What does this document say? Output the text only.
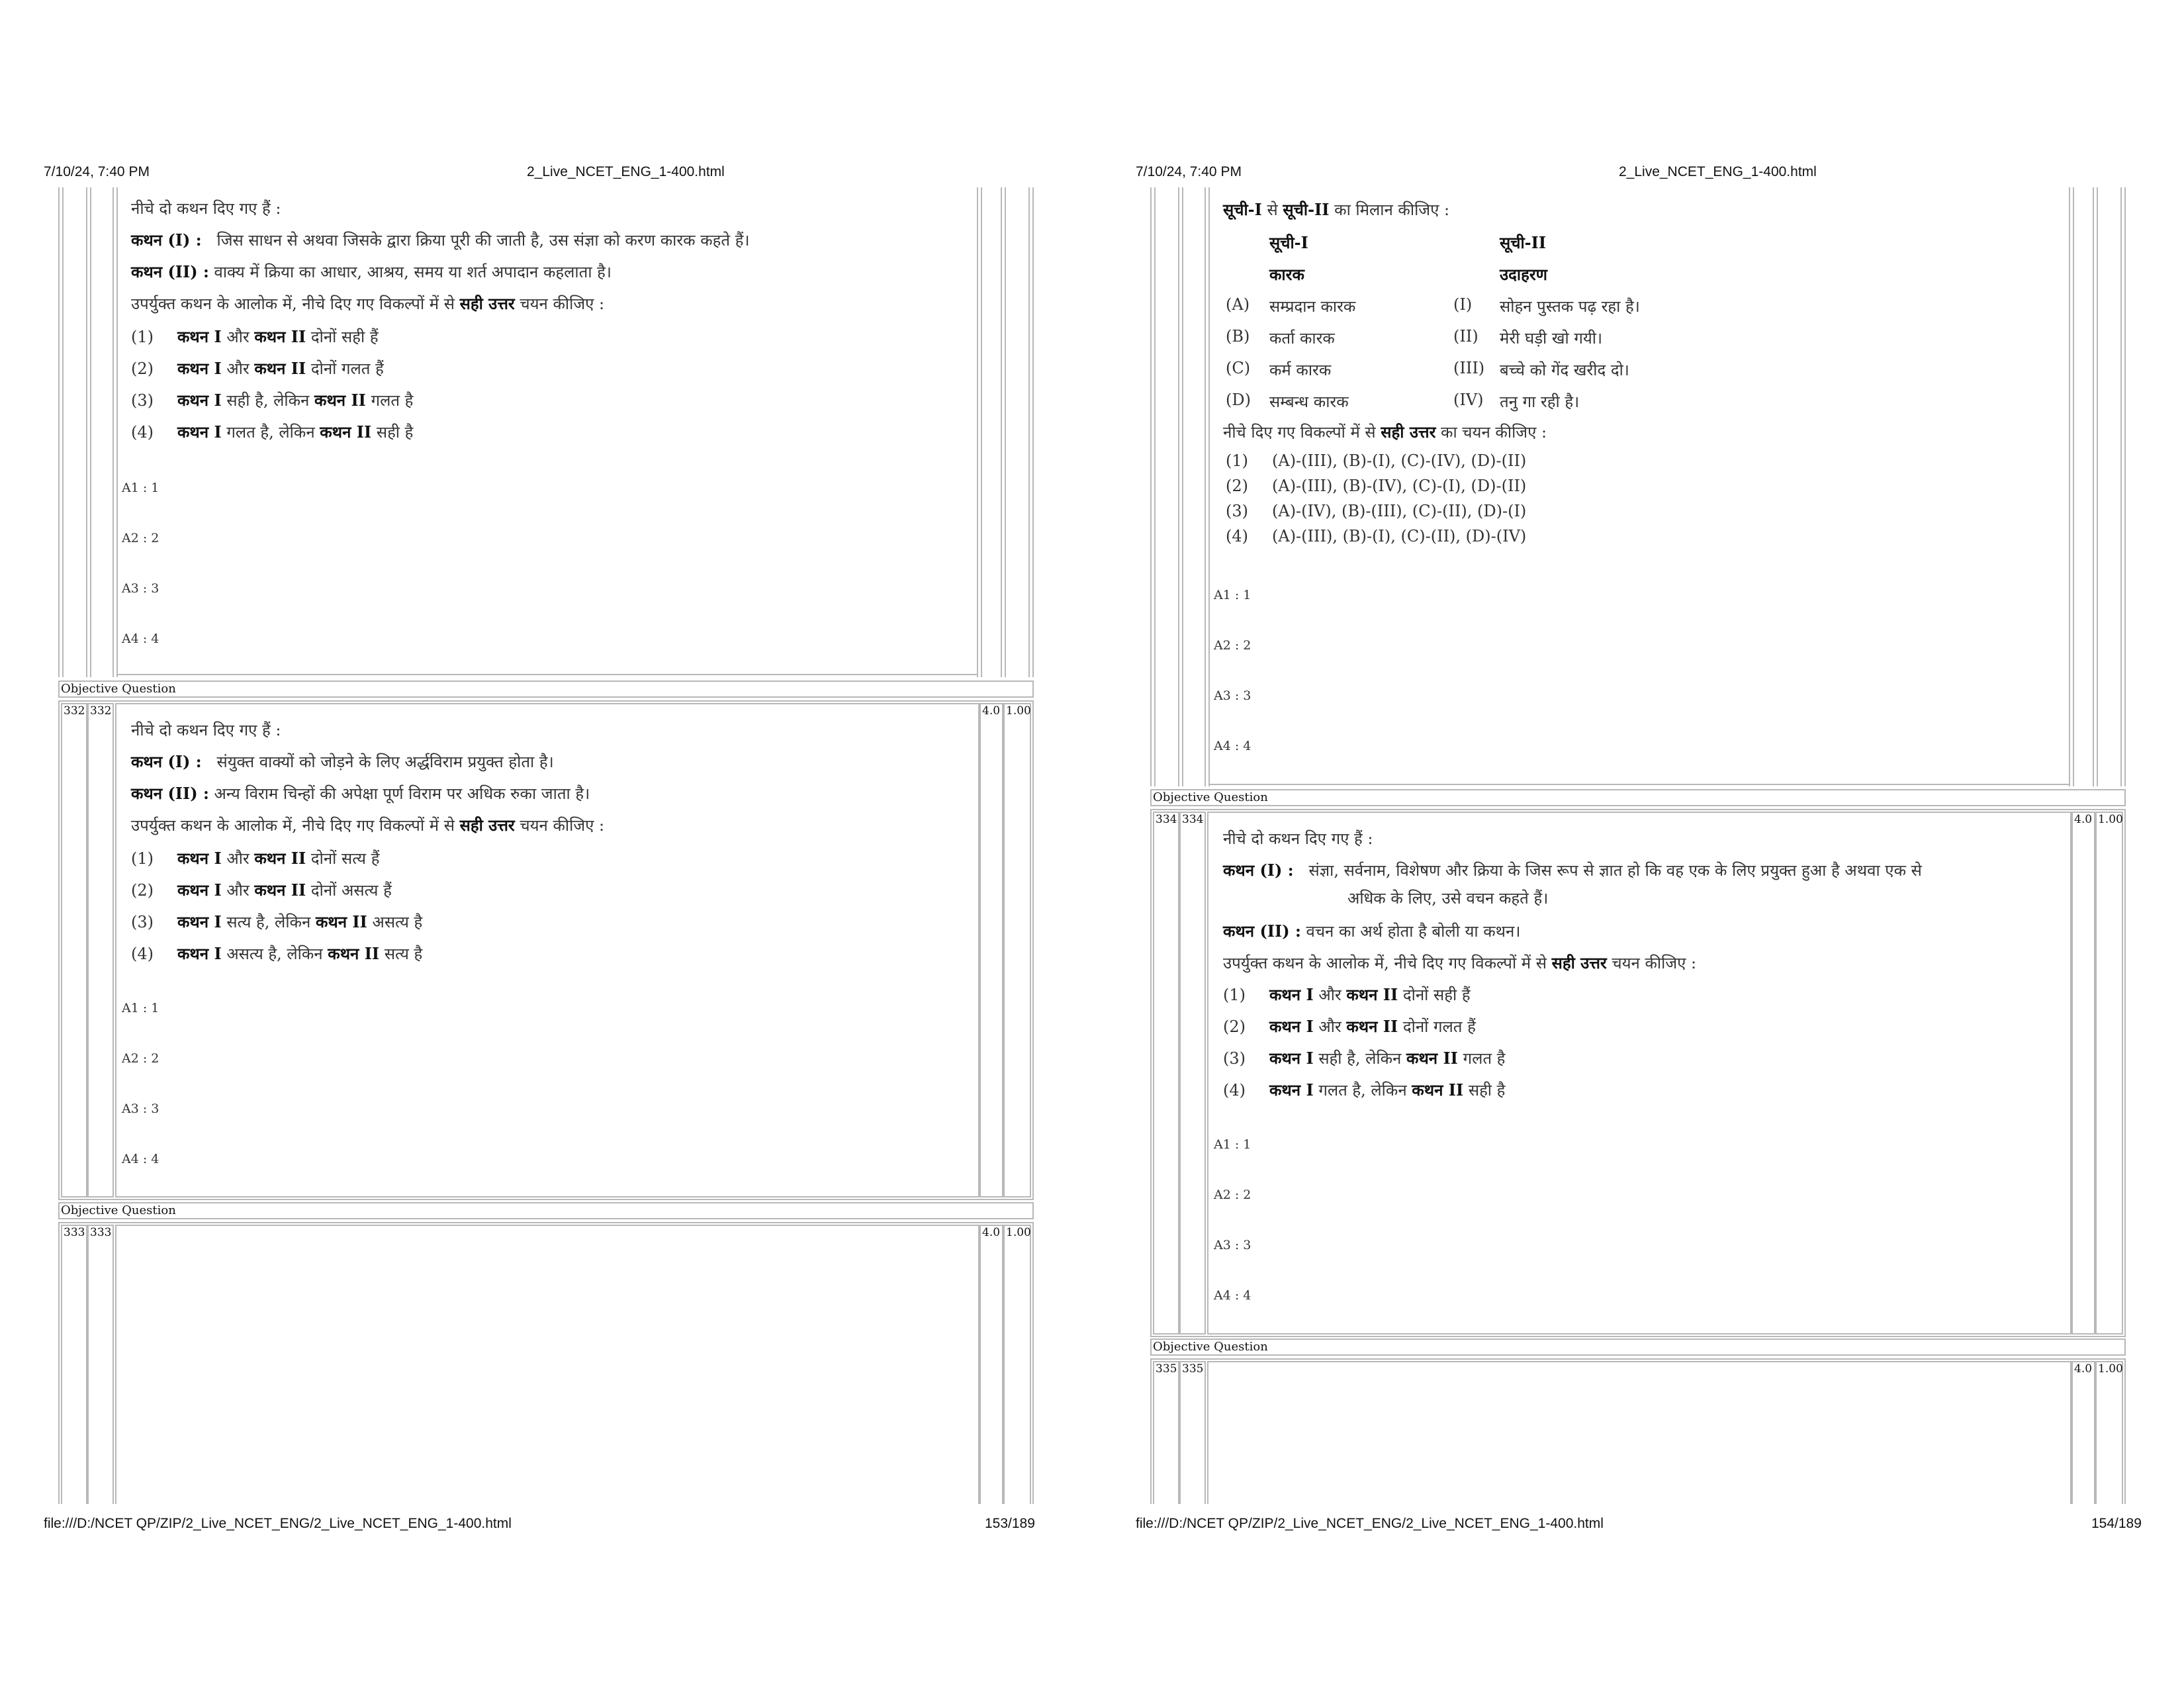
7/10/24, 7:40 PM	2_Live_NCET_ENG_1-400.html
नीचे दो कथन दिए गए हैं :
कथन (I) : जिस साधन से अथवा जिसके द्वारा क्रिया पूरी की जाती है, उस संज्ञा को करण कारक कहते हैं।
कथन (II) : वाक्य में क्रिया का आधार, आश्रय, समय या शर्त अपादान कहलाता है।
उपर्युक्त कथन के आलोक में, नीचे दिए गए विकल्पों में से सही उत्तर चयन कीजिए :
(1) कथन I और कथन II दोनों सही हैं
(2) कथन I और कथन II दोनों गलत हैं
(3) कथन I सही है, लेकिन कथन II गलत है
(4) कथन I गलत है, लेकिन कथन II सही है
A1 : 1
A2 : 2
A3 : 3
A4 : 4
Objective Question
332 332	4.0 1.00
नीचे दो कथन दिए गए हैं :
कथन (I) : संयुक्त वाक्यों को जोड़ने के लिए अर्द्धविराम प्रयुक्त होता है।
कथन (II) : अन्य विराम चिन्हों की अपेक्षा पूर्ण विराम पर अधिक रुका जाता है।
उपर्युक्त कथन के आलोक में, नीचे दिए गए विकल्पों में से सही उत्तर चयन कीजिए :
(1) कथन I और कथन II दोनों सत्य हैं
(2) कथन I और कथन II दोनों असत्य हैं
(3) कथन I सत्य है, लेकिन कथन II असत्य है
(4) कथन I असत्य है, लेकिन कथन II सत्य है
A1 : 1
A2 : 2
A3 : 3
A4 : 4
Objective Question
333 333	4.0 1.00
file:///D:/NCET QP/ZIP/2_Live_NCET_ENG/2_Live_NCET_ENG_1-400.html	153/189
7/10/24, 7:40 PM	2_Live_NCET_ENG_1-400.html
सूची-I से सूची-II का मिलान कीजिए :
सूची-I	सूची-II
कारक	उदाहरण
(A) सम्प्रदान कारक	(I) सोहन पुस्तक पढ़ रहा है।
(B) कर्ता कारक	(II) मेरी घड़ी खो गयी।
(C) कर्म कारक	(III) बच्चे को गेंद खरीद दो।
(D) सम्बन्ध कारक	(IV) तनु गा रही है।
नीचे दिए गए विकल्पों में से सही उत्तर का चयन कीजिए :
(1) (A)-(III), (B)-(I), (C)-(IV), (D)-(II)
(2) (A)-(III), (B)-(IV), (C)-(I), (D)-(II)
(3) (A)-(IV), (B)-(III), (C)-(II), (D)-(I)
(4) (A)-(III), (B)-(I), (C)-(II), (D)-(IV)
A1 : 1
A2 : 2
A3 : 3
A4 : 4
Objective Question
334 334	4.0 1.00
नीचे दो कथन दिए गए हैं :
कथन (I) : संज्ञा, सर्वनाम, विशेषण और क्रिया के जिस रूप से ज्ञात हो कि वह एक के लिए प्रयुक्त हुआ है अथवा एक से
अधिक के लिए, उसे वचन कहते हैं।
कथन (II) : वचन का अर्थ होता है बोली या कथन।
उपर्युक्त कथन के आलोक में, नीचे दिए गए विकल्पों में से सही उत्तर चयन कीजिए :
(1) कथन I और कथन II दोनों सही हैं
(2) कथन I और कथन II दोनों गलत हैं
(3) कथन I सही है, लेकिन कथन II गलत है
(4) कथन I गलत है, लेकिन कथन II सही है
A1 : 1
A2 : 2
A3 : 3
A4 : 4
Objective Question
335 335	4.0 1.00
file:///D:/NCET QP/ZIP/2_Live_NCET_ENG/2_Live_NCET_ENG_1-400.html	154/189
